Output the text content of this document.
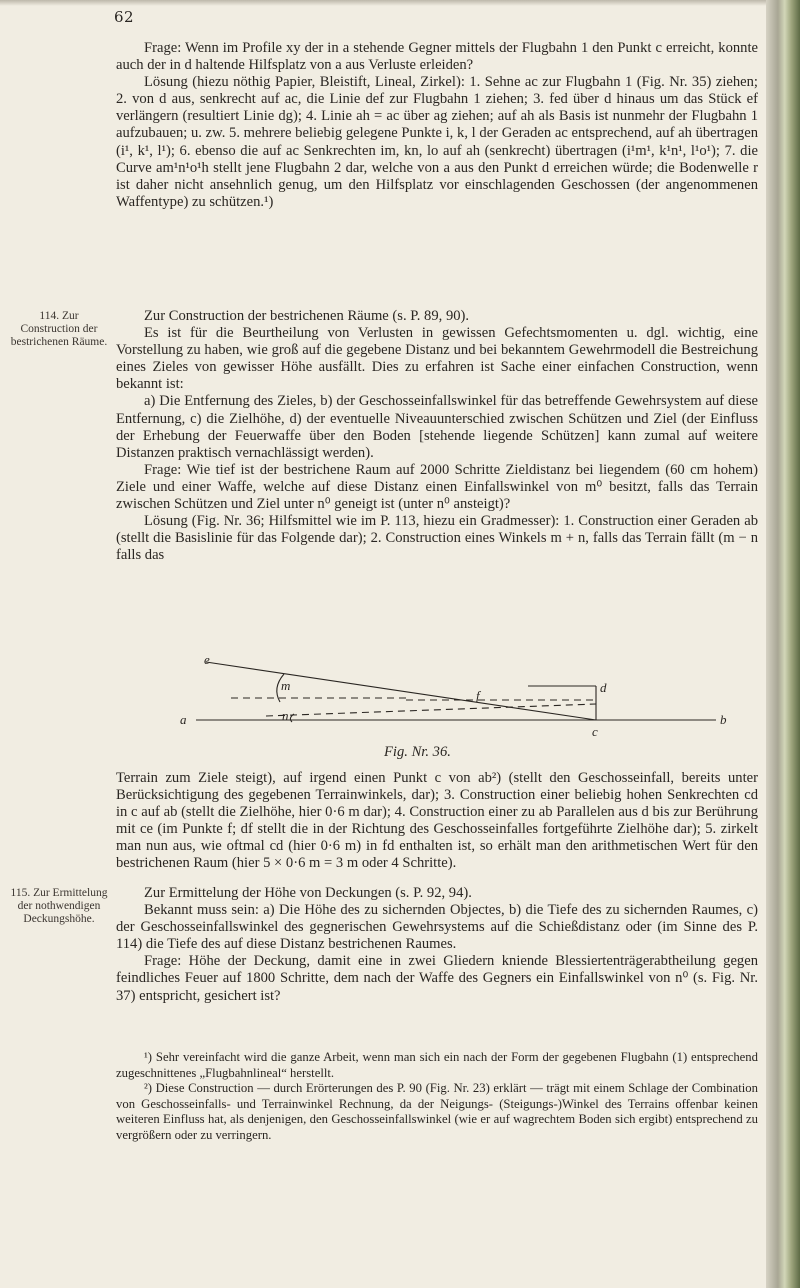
62

Frage: Wenn im Profile xy der in a stehende Gegner mittels der Flugbahn 1 den Punkt c erreicht, konnte auch der in d haltende Hilfsplatz von a aus Verluste erleiden?

Lösung (hiezu nöthig Papier, Bleistift, Lineal, Zirkel): 1. Sehne ac zur Flugbahn 1 (Fig. Nr. 35) ziehen; 2. von d aus, senkrecht auf ac, die Linie def zur Flugbahn 1 ziehen; 3. fed über d hinaus um das Stück ef verlängern (resultiert Linie dg); 4. Linie ah = ac über ag ziehen; auf ah als Basis ist nunmehr der Flugbahn 1 aufzubauen; u. zw. 5. mehrere beliebig gelegene Punkte i, k, l der Geraden ac entsprechend, auf ah übertragen (i¹, k¹, l¹); 6. ebenso die auf ac Senkrechten im, kn, lo auf ah (senkrecht) übertragen (i¹m¹, k¹n¹, l¹o¹); 7. die Curve am¹n¹o¹h stellt jene Flugbahn 2 dar, welche von a aus den Punkt d erreichen würde; die Bodenwelle r ist daher nicht ansehnlich genug, um den Hilfsplatz vor einschlagenden Geschossen (der angenommenen Waffentype) zu schützen.¹)

114. Zur Construction der bestrichenen Räume.

Zur Construction der bestrichenen Räume (s. P. 89, 90).

Es ist für die Beurtheilung von Verlusten in gewissen Gefechtsmomenten u. dgl. wichtig, eine Vorstellung zu haben, wie groß auf die gegebene Distanz und bei bekanntem Gewehrmodell die Bestreichung eines Zieles von gewisser Höhe ausfällt. Dies zu erfahren ist Sache einer einfachen Construction, wenn bekannt ist:

a) Die Entfernung des Zieles, b) der Geschosseinfallswinkel für das betreffende Gewehrsystem auf diese Entfernung, c) die Zielhöhe, d) der eventuelle Niveauunterschied zwischen Schützen und Ziel (der Einfluss der Erhebung der Feuerwaffe über den Boden [stehende liegende Schützen] kann zumal auf weitere Distanzen praktisch vernachlässigt werden).

Frage: Wie tief ist der bestrichene Raum auf 2000 Schritte Zieldistanz bei liegendem (60 cm hohem) Ziele und einer Waffe, welche auf diese Distanz einen Einfallswinkel von m⁰ besitzt, falls das Terrain zwischen Schützen und Ziel unter n⁰ geneigt ist (unter n⁰ ansteigt)?

Lösung (Fig. Nr. 36; Hilfsmittel wie im P. 113, hiezu ein Gradmesser): 1. Construction einer Geraden ab (stellt die Basislinie für das Folgende dar); 2. Construction eines Winkels m + n, falls das Terrain fällt (m − n falls das

e
m
n
f
d
a
c
b
Fig. Nr. 36.

Terrain zum Ziele steigt), auf irgend einen Punkt c von ab²) (stellt den Geschosseinfall, bereits unter Berücksichtigung des gegebenen Terrainwinkels, dar); 3. Construction einer beliebig hohen Senkrechten cd in c auf ab (stellt die Zielhöhe, hier 0·6 m dar); 4. Construction einer zu ab Parallelen aus d bis zur Berührung mit ce (im Punkte f; df stellt die in der Richtung des Geschosseinfalles fortgeführte Zielhöhe dar); 5. zirkelt man nun aus, wie oftmal cd (hier 0·6 m) in fd enthalten ist, so erhält man den arithmetischen Wert für den bestrichenen Raum (hier 5 × 0·6 m = 3 m oder 4 Schritte).

115. Zur Ermittelung der nothwendigen Deckungshöhe.

Zur Ermittelung der Höhe von Deckungen (s. P. 92, 94).

Bekannt muss sein: a) Die Höhe des zu sichernden Objectes, b) die Tiefe des zu sichernden Raumes, c) der Geschosseinfallswinkel des gegnerischen Gewehrsystems auf die Schießdistanz oder (im Sinne des P. 114) die Tiefe des auf diese Distanz bestrichenen Raumes.

Frage: Höhe der Deckung, damit eine in zwei Gliedern kniende Blessiertenträgerabtheilung gegen feindliches Feuer auf 1800 Schritte, dem nach der Waffe des Gegners ein Einfallswinkel von n⁰ (s. Fig. Nr. 37) entspricht, gesichert ist?

¹) Sehr vereinfacht wird die ganze Arbeit, wenn man sich ein nach der Form der gegebenen Flugbahn (1) entsprechend zugeschnittenes „Flugbahnlineal“ herstellt.

²) Diese Construction — durch Erörterungen des P. 90 (Fig. Nr. 23) erklärt — trägt mit einem Schlage der Combination von Geschosseinfalls- und Terrainwinkel Rechnung, da der Neigungs- (Steigungs-)Winkel des Terrains offenbar keinen weiteren Einfluss hat, als denjenigen, den Geschosseinfallswinkel (wie er auf wagrechtem Boden sich ergibt) entsprechend zu vergrößern oder zu verringern.
